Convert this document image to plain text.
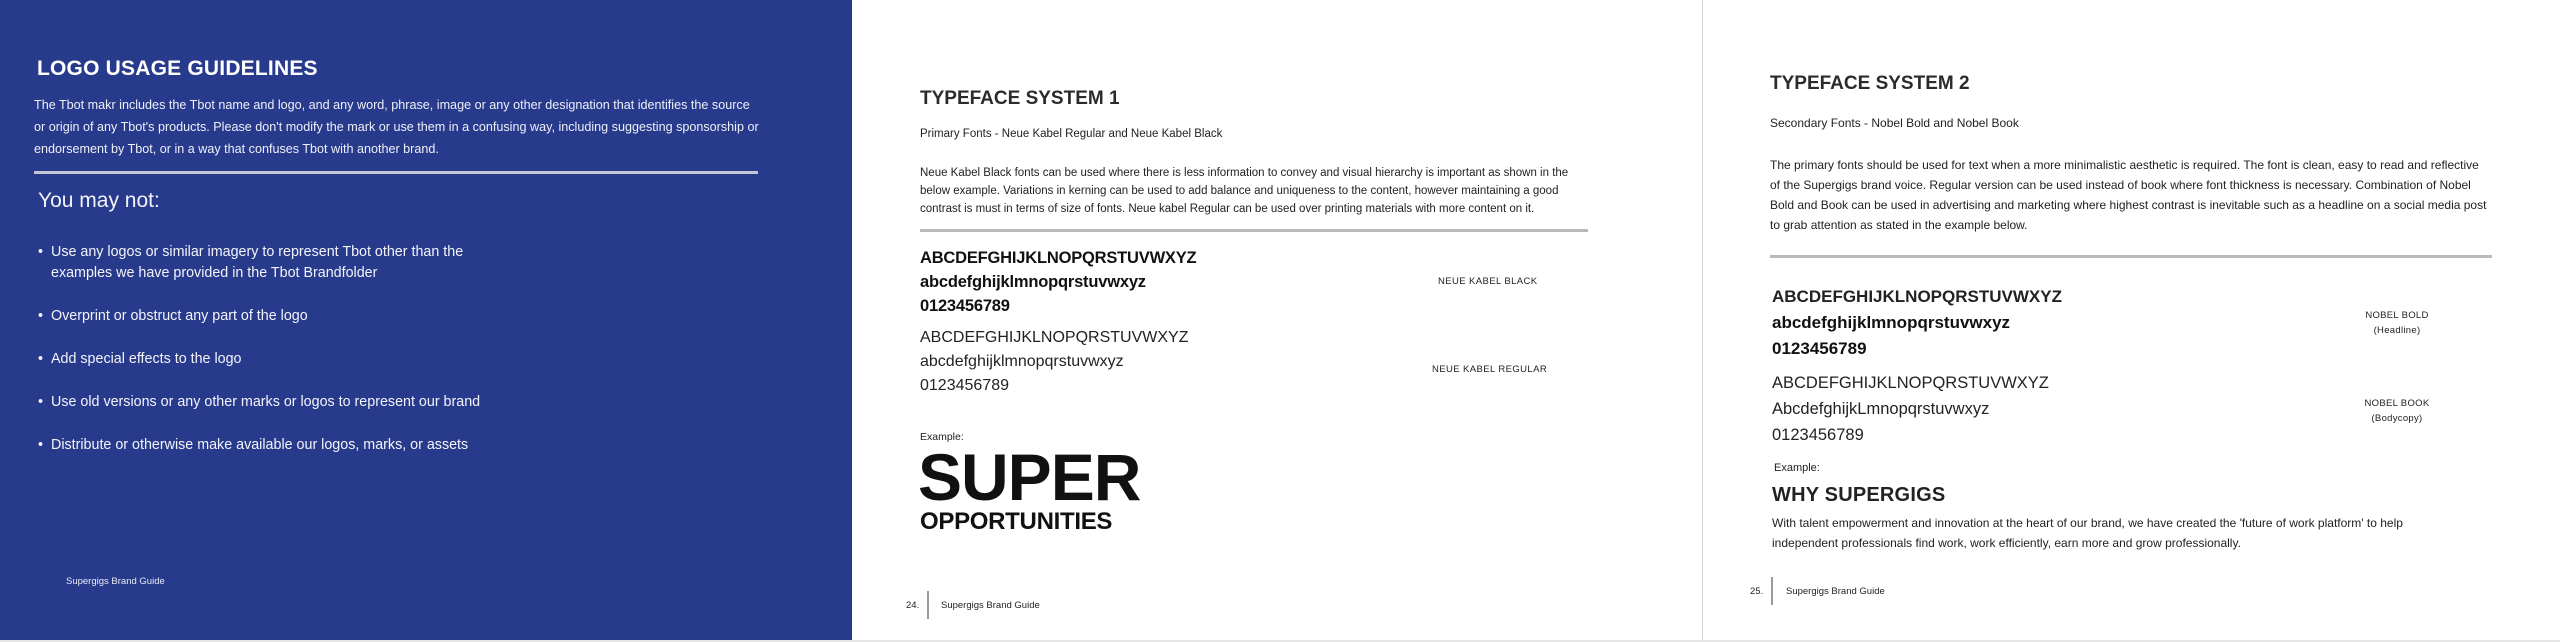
LOGO USAGE GUIDELINES

The Tbot makr includes the Tbot name and logo, and any word, phrase, image or any other designation that identifies the source or origin of any Tbot's products. Please don't modify the mark or use them in a confusing way, including suggesting sponsorship or endorsement by Tbot, or in a way that confuses Tbot with another brand.

You may not:
• Use any logos or similar imagery to represent Tbot other than the examples we have provided in the Tbot Brandfolder
• Overprint or obstruct any part of the logo
• Add special effects to the logo
• Use old versions or any other marks or logos to represent our brand
• Distribute or otherwise make available our logos, marks, or assets
Supergigs Brand Guide
TYPEFACE SYSTEM 1
Primary Fonts - Neue Kabel Regular and Neue Kabel Black

Neue Kabel Black fonts can be used where there is less information to convey and visual hierarchy is important as shown in the below example. Variations in kerning can be used to add balance and uniqueness to the content, however maintaining a good contrast is must in terms of size of fonts. Neue kabel Regular can be used over printing materials with more content on it.

ABCDEFGHIJKLNOPQRSTUVWXYZ
abcdefghijklmnopqrstuvwxyz
0123456789
NEUE KABEL BLACK
ABCDEFGHIJKLNOPQRSTUVWXYZ
abcdefghijklmnopqrstuvwxyz
0123456789
NEUE KABEL REGULAR
Example:
SUPER
OPPORTUNITIES
24. Supergigs Brand Guide
TYPEFACE SYSTEM 2
Secondary Fonts - Nobel Bold and Nobel Book

The primary fonts should be used for text when a more minimalistic aesthetic is required. The font is clean, easy to read and reflective of the Supergigs brand voice. Regular version can be used instead of book where font thickness is necessary. Combination of Nobel Bold and Book can be used in advertising and marketing where highest contrast is inevitable such as a headline on a social media post to grab attention as stated in the example below.

ABCDEFGHIJKLNOPQRSTUVWXYZ
abcdefghijklmnopqrstuvwxyz
0123456789
NOBEL BOLD
(Headline)
ABCDEFGHIJKLNOPQRSTUVWXYZ
AbcdefghijkLmnopqrstuvwxyz
0123456789
NOBEL BOOK
(Bodycopy)
Example:
WHY SUPERGIGS

With talent empowerment and innovation at the heart of our brand, we have created the 'future of work platform' to help independent professionals find work, work efficiently, earn more and grow professionally.

25. Supergigs Brand Guide
